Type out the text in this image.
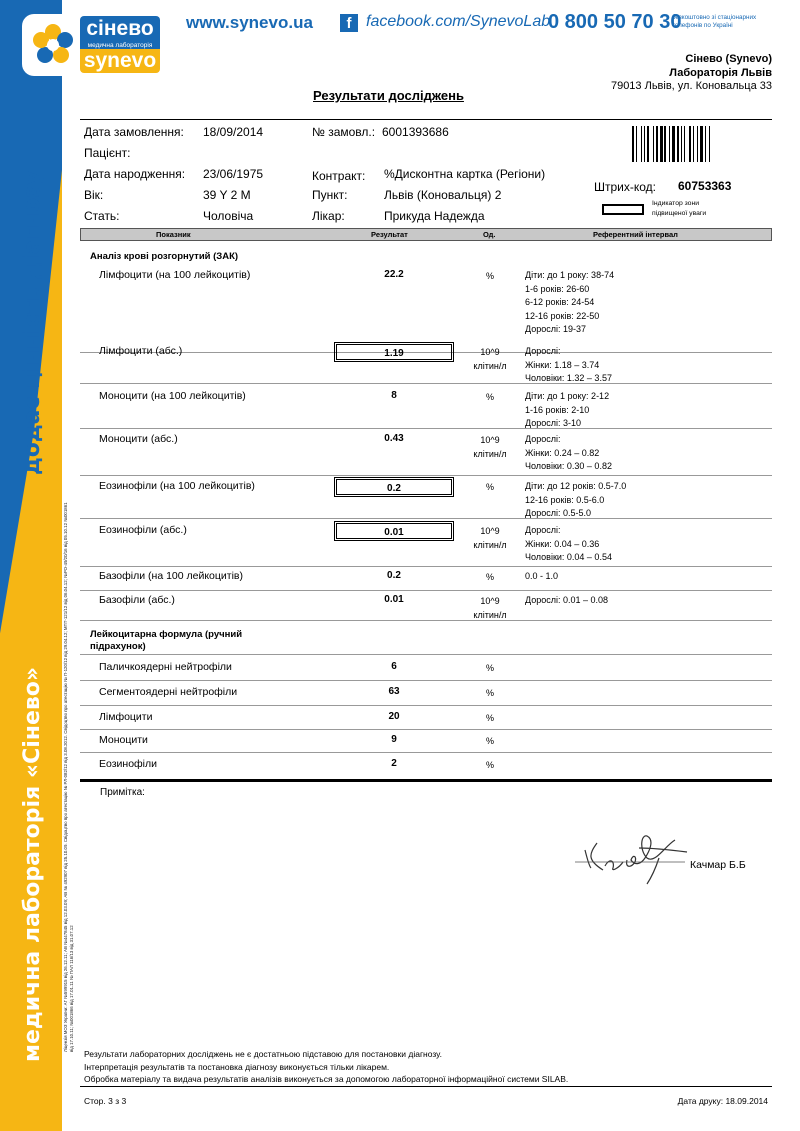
додає цінність діагнозу
медична лабораторія «Сінево»	Ліцензія МОЗ України: АГ №599915 від 26.12.11; АВ №447845 від 12.03.09; АВ № 492907 від 25.10.09. Свідоцтво про атестацію № РЛ-082/12 від 3.08.2012. Свідоцтво про атестацію № П-120/12 від 29.04.12; МПТ-121/12 від 06.04.12; №РО-49/20/16 від 05.10.12 №001861 від 17.10.11; №001866 від 17.01.11 № ПАЛ 116/13 від 31.07.12
сінево
медична лабораторія
synevo
www.synevo.ua	f facebook.com/SynevoLab
0 800 50 70 30
безкоштовно зі стаціонарних телефонів по Україні
Сінево (Synevo)
Лабораторія Львів
79013 Львів, ул. Коновальца 33
Результати досліджень
Дата замовлення: 18/09/2014	№ замовл.: 6001393686
Пацієнт:
Дата народження: 23/06/1975	Контракт: %Дисконтна картка (Регіони)
Вік:	39 Y 2 M	Пункт:	Львів (Коновальця) 2
Стать:	Чоловіча	Лікар:	Прикуда Надежда
Штрих-код: 60753363
Індикатор зони підвищеної уваги
Показник	Результат	Од.	Референтний інтервал
Аналіз крові розгорнутий (ЗАК)
Лімфоцити (на 100 лейкоцитів)	22.2	%	Діти: до 1 року: 38-74
1-6 років: 26-60
6-12 років: 24-54
12-16 років: 22-50
Дорослі: 19-37
Лімфоцити (абс.)	1.19	10^9
клітин/л
Дорослі:
Жінки: 1.18 – 3.74
Чоловіки: 1.32 – 3.57
Моноцити (на 100 лейкоцитів)	8	%	Діти: до 1 року: 2-12
1-16 років: 2-10
Дорослі: 3-10
Моноцити (абс.)	0.43	10^9
клітин/л
Дорослі:
Жінки: 0.24 – 0.82
Чоловіки: 0.30 – 0.82
Еозинофіли (на 100 лейкоцитів)	0.2	%	Діти: до 12 років: 0.5-7.0
12-16 років: 0.5-6.0
Дорослі: 0.5-5.0
Еозинофіли (абс.)	0.01	10^9
клітин/л
Дорослі:
Жінки: 0.04 – 0.36
Чоловіки: 0.04 – 0.54
Базофіли (на 100 лейкоцитів)	0.2	%	0.0 - 1.0
Базофіли (абс.)	0.01	10^9
клітин/л
Дорослі: 0.01 – 0.08
Паличкоядерні нейтрофіли	6	%
Сегментоядерні нейтрофіли	63	%
Лімфоцити	20	%
Моноцити	9	%
Еозинофіли	2	%
Лейкоцитарна формула (ручний
підрахунок)
Примітка:
Качмар Б.Б
Результати лабораторних досліджень не є достатньою підставою для постановки діагнозу.
Інтерпретація результатів та постановка діагнозу виконується тільки лікарем.
Обробка матеріалу та видача результатів аналізів виконується за допомогою лабораторної інформаційної системи SILAB.
Стор. 3 з 3	Дата друку: 18.09.2014
